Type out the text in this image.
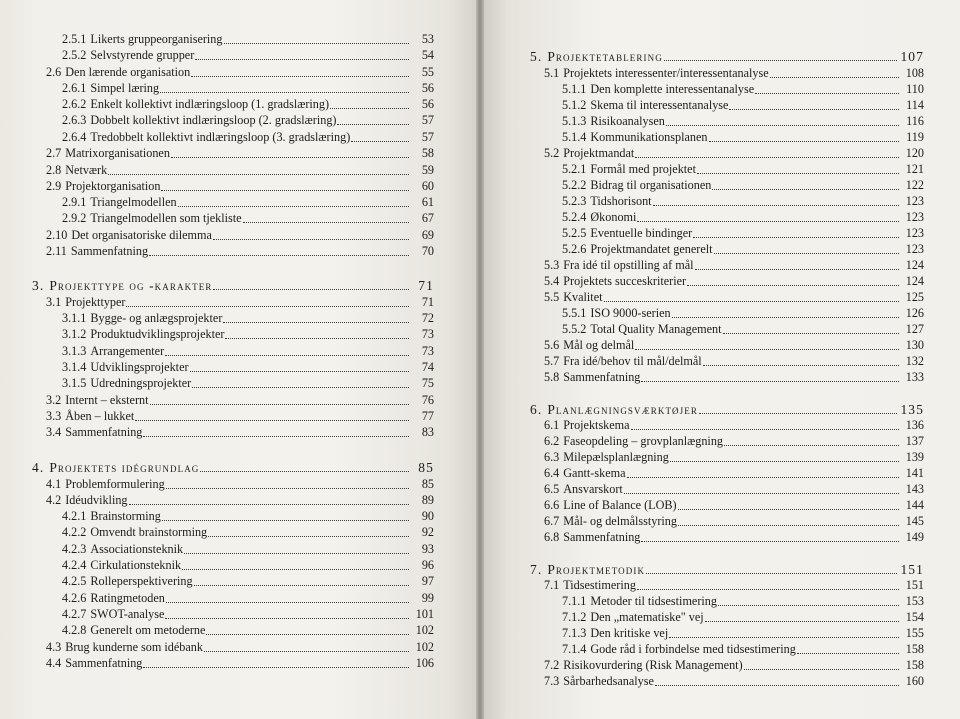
2.5.1 Likerts gruppeorganisering	53
2.5.2 Selvstyrende grupper	54
2.6 Den lærende organisation	55
2.6.1 Simpel læring	56
2.6.2 Enkelt kollektivt indlæringsloop (1. gradslæring)	56
2.6.3 Dobbelt kollektivt indlæringsloop (2. gradslæring)	57
2.6.4 Tredobbelt kollektivt indlæringsloop (3. gradslæring)	57
2.7 Matrixorganisationen	58
2.8 Netværk	59
2.9 Projektorganisation	60
2.9.1 Triangelmodellen	61
2.9.2 Triangelmodellen som tjekliste	67
2.10 Det organisatoriske dilemma	69
2.11 Sammenfatning	70
3. Projekttype og -karakter	71
3.1 Projekttyper	71
3.1.1 Bygge- og anlægsprojekter	72
3.1.2 Produktudviklingsprojekter	73
3.1.3 Arrangementer	73
3.1.4 Udviklingsprojekter	74
3.1.5 Udredningsprojekter	75
3.2 Internt – eksternt	76
3.3 Åben – lukket	77
3.4 Sammenfatning	83
4. Projektets idégrundlag	85
4.1 Problemformulering	85
4.2 Idéudvikling	89
4.2.1 Brainstorming	90
4.2.2 Omvendt brainstorming	92
4.2.3 Associationsteknik	93
4.2.4 Cirkulationsteknik	96
4.2.5 Rolleperspektivering	97
4.2.6 Ratingmetoden	99
4.2.7 SWOT-analyse	101
4.2.8 Generelt om metoderne	102
4.3 Brug kunderne som idébank	102
4.4 Sammenfatning	106
5. Projektetablering	107
5.1 Projektets interessenter/interessentanalyse	108
5.1.1 Den komplette interessentanalyse	110
5.1.2 Skema til interessentanalyse	114
5.1.3 Risikoanalysen	116
5.1.4 Kommunikationsplanen	119
5.2 Projektmandat	120
5.2.1 Formål med projektet	121
5.2.2 Bidrag til organisationen	122
5.2.3 Tidshorisont	123
5.2.4 Økonomi	123
5.2.5 Eventuelle bindinger	123
5.2.6 Projektmandatet generelt	123
5.3 Fra idé til opstilling af mål	124
5.4 Projektets succeskriterier	124
5.5 Kvalitet	125
5.5.1 ISO 9000-serien	126
5.5.2 Total Quality Management	127
5.6 Mål og delmål	130
5.7 Fra idé/behov til mål/delmål	132
5.8 Sammenfatning	133
6. Planlægningsværktøjer	135
6.1 Projektskema	136
6.2 Faseopdeling – grovplanlægning	137
6.3 Milepælsplanlægning	139
6.4 Gantt-skema	141
6.5 Ansvarskort	143
6.6 Line of Balance (LOB)	144
6.7 Mål- og delmålsstyring	145
6.8 Sammenfatning	149
7. Projektmetodik	151
7.1 Tidsestimering	151
7.1.1 Metoder til tidsestimering	153
7.1.2 Den „matematiske" vej	154
7.1.3 Den kritiske vej	155
7.1.4 Gode råd i forbindelse med tidsestimering	158
7.2 Risikovurdering (Risk Management)	158
7.3 Sårbarhedsanalyse	160
